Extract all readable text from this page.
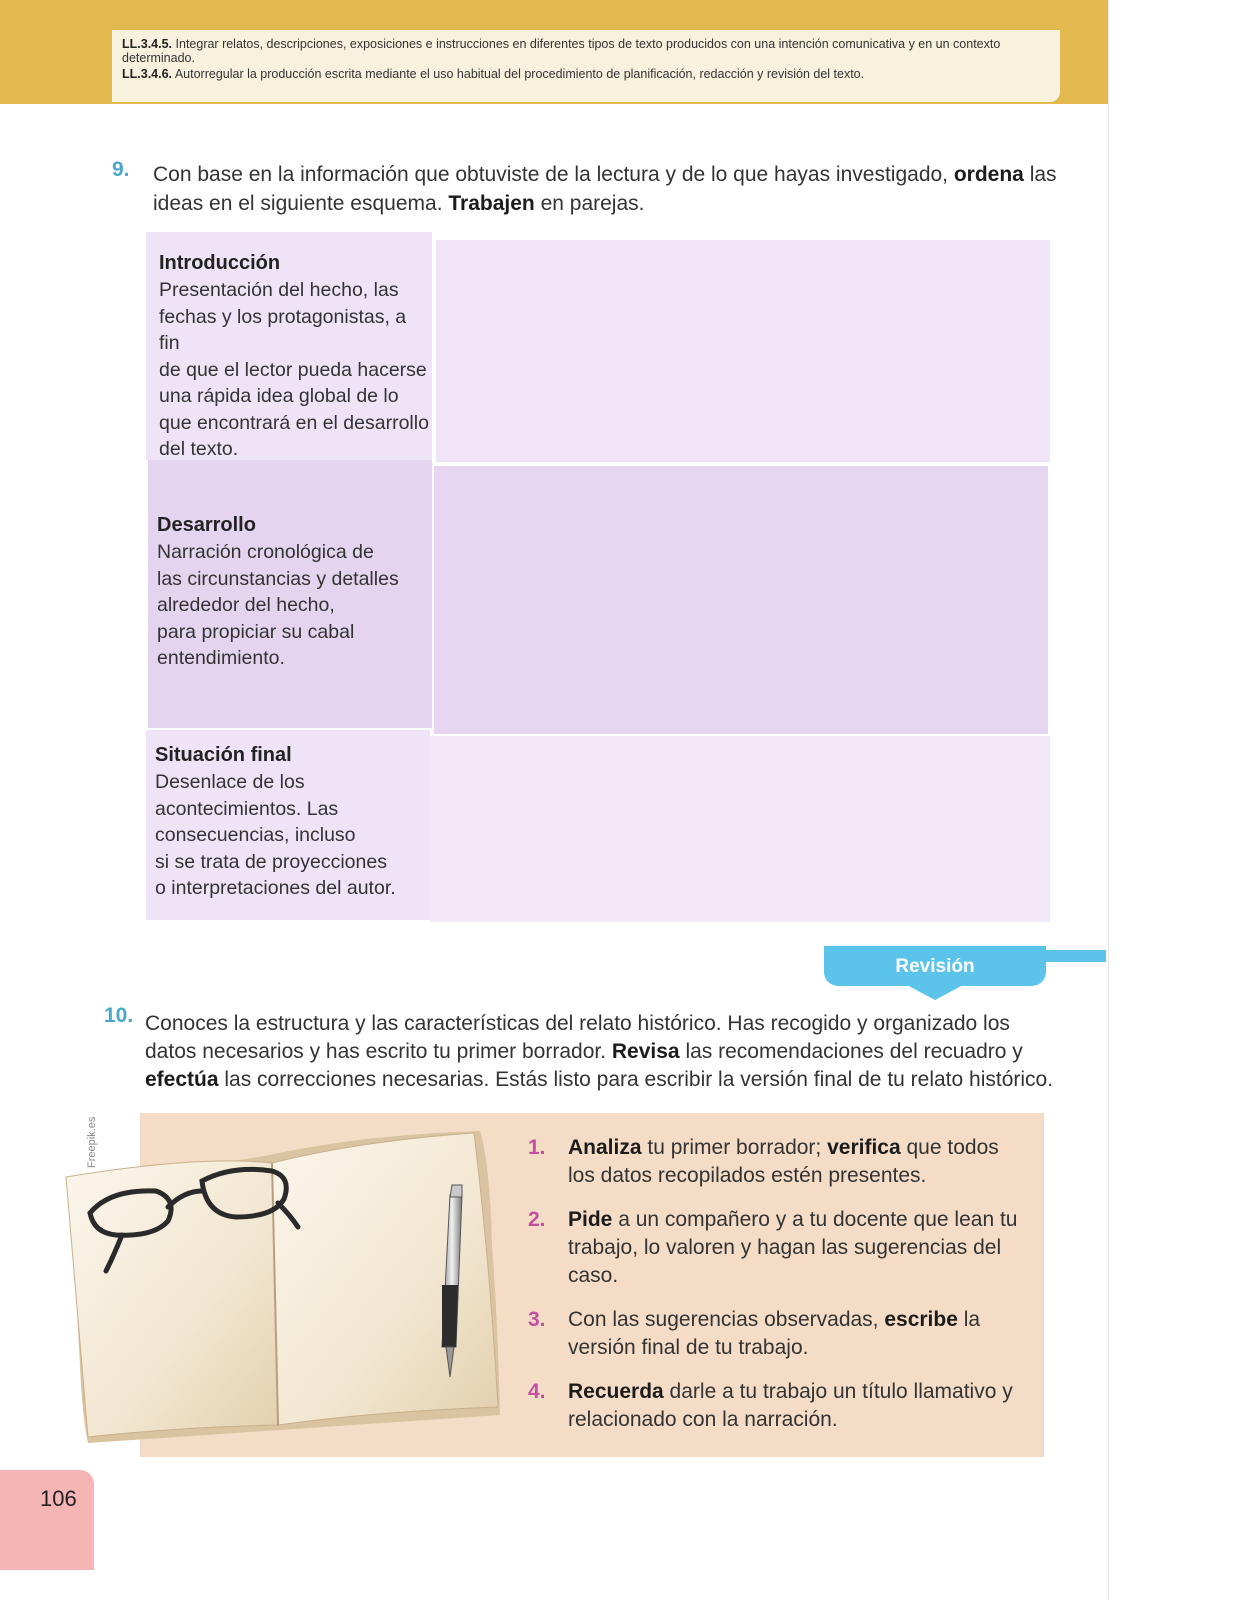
LL.3.4.5. Integrar relatos, descripciones, exposiciones e instrucciones en diferentes tipos de texto producidos con una intención comunicativa y en un contexto determinado.

LL.3.4.6. Autorregular la producción escrita mediante el uso habitual del procedimiento de planificación, redacción y revisión del texto.

9. Con base en la información que obtuviste de la lectura y de lo que hayas investigado, ordena las ideas en el siguiente esquema. Trabajen en parejas.
Introducción
Presentación del hecho, las
fechas y los protagonistas, a fin
de que el lector pueda hacerse
una rápida idea global de lo
que encontrará en el desarrollo
del texto.
Desarrollo
Narración cronológica de
las circunstancias y detalles
alrededor del hecho,
para propiciar su cabal
entendimiento.
Situación final
Desenlace de los
acontecimientos. Las
consecuencias, incluso
si se trata de proyecciones
o interpretaciones del autor.
Revisión
10. Conoces la estructura y las características del relato histórico. Has recogido y organizado los datos necesarios y has escrito tu primer borrador. Revisa las recomendaciones del recuadro y efectúa las correcciones necesarias. Estás listo para escribir la versión final de tu relato histórico.
Freepik.es	1. Analiza tu primer borrador; verifica que todos los datos recopilados estén presentes.
2. Pide a un compañero y a tu docente que lean tu trabajo, lo valoren y hagan las sugerencias del caso.
3. Con las sugerencias observadas, escribe la versión final de tu trabajo.
4. Recuerda darle a tu trabajo un título llamativo y relacionado con la narración.
106
